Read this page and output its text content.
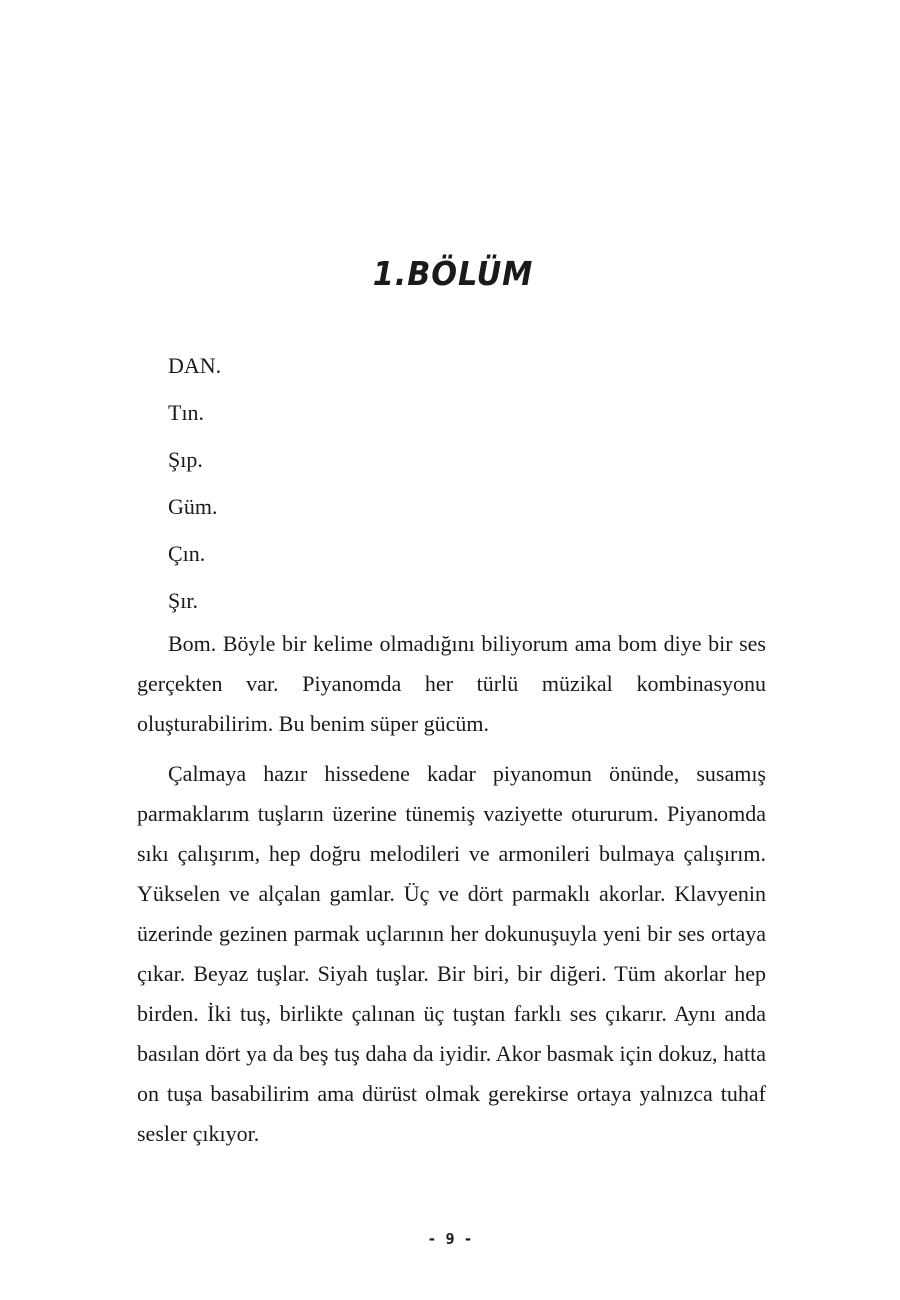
1.BÖLÜM

DAN.

Tın.

Şıp.

Güm.

Çın.

Şır.

Bom. Böyle bir kelime olmadığını biliyorum ama bom diye bir ses gerçekten var. Piyanomda her türlü müzikal kombinasyonu oluşturabilirim. Bu benim süper gücüm.

Çalmaya hazır hissedene kadar piyanomun önünde, susamış parmaklarım tuşların üzerine tünemiş vaziyette otururum. Piyanomda sıkı çalışırım, hep doğru melodileri ve armonileri bulmaya çalışırım. Yükselen ve alçalan gamlar. Üç ve dört parmaklı akorlar. Klavyenin üzerinde gezinen parmak uçlarının her dokunuşuyla yeni bir ses ortaya çıkar. Beyaz tuşlar. Siyah tuşlar. Bir biri, bir diğeri. Tüm akorlar hep birden. İki tuş, birlikte çalınan üç tuştan farklı ses çıkarır. Aynı anda basılan dört ya da beş tuş daha da iyidir. Akor basmak için dokuz, hatta on tuşa basabilirim ama dürüst olmak gerekirse ortaya yalnızca tuhaf sesler çıkıyor.

- 9 -
